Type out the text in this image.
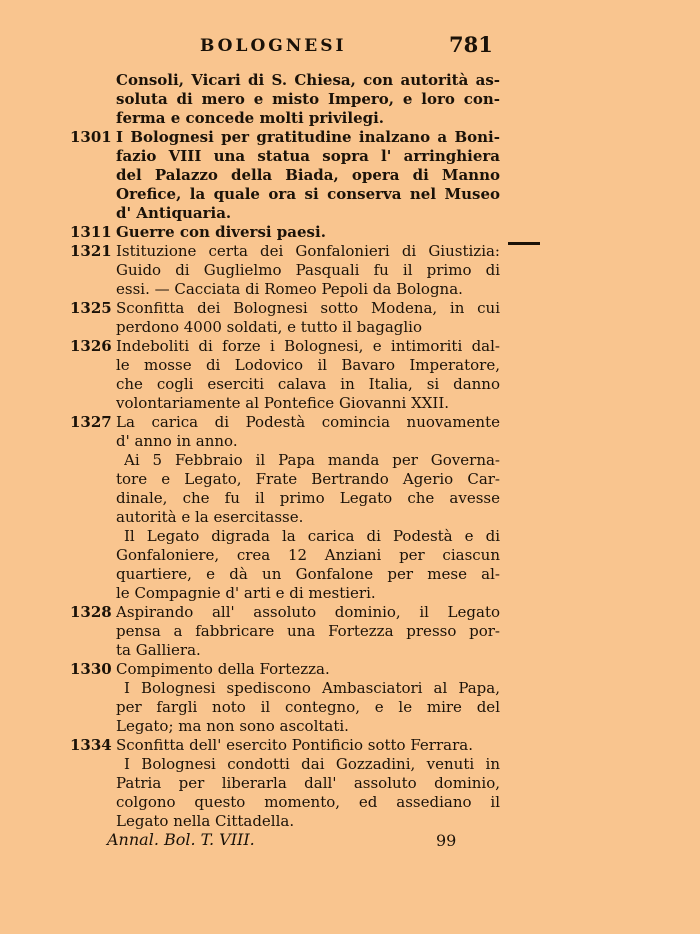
BOLOGNESI	781
Consoli, Vicari di S. Chiesa, con autorità as-
soluta di mero e misto Impero, e loro con-
ferma e concede molti privilegi.
1301 I Bolognesi per gratitudine inalzano a Boni-
fazio VIII una statua sopra l' arringhiera
del Palazzo della Biada, opera di Manno
Orefice, la quale ora si conserva nel Museo
d' Antiquaria.
1311 Guerre con diversi paesi.
1321 Istituzione certa dei Gonfalonieri di Giustizia:
Guido di Guglielmo Pasquali fu il primo di
essi. — Cacciata di Romeo Pepoli da Bologna.
1325 Sconfitta dei Bolognesi sotto Modena, in cui
perdono 4000 soldati, e tutto il bagaglio
1326 Indeboliti di forze i Bolognesi, e intimoriti dal-
le mosse di Lodovico il Bavaro Imperatore,
che cogli eserciti calava in Italia, si danno
volontariamente al Pontefice Giovanni XXII.
1327 La carica di Podestà comincia nuovamente
d' anno in anno.
Ai 5 Febbraio il Papa manda per Governa-
tore e Legato, Frate Bertrando Agerio Car-
dinale, che fu il primo Legato che avesse
autorità e la esercitasse.
Il Legato digrada la carica di Podestà e di
Gonfaloniere, crea 12 Anziani per ciascun
quartiere, e dà un Gonfalone per mese al-
le Compagnie d' arti e di mestieri.
1328 Aspirando all' assoluto dominio, il Legato
pensa a fabbricare una Fortezza presso por-
ta Galliera.
1330 Compimento della Fortezza.
I Bolognesi spediscono Ambasciatori al Papa,
per fargli noto il contegno, e le mire del
Legato; ma non sono ascoltati.
1334 Sconfitta dell' esercito Pontificio sotto Ferrara.
I Bolognesi condotti dai Gozzadini, venuti in
Patria per liberarla dall' assoluto dominio,
colgono questo momento, ed assediano il
Legato nella Cittadella.
Annal. Bol. T. VIII.	99
